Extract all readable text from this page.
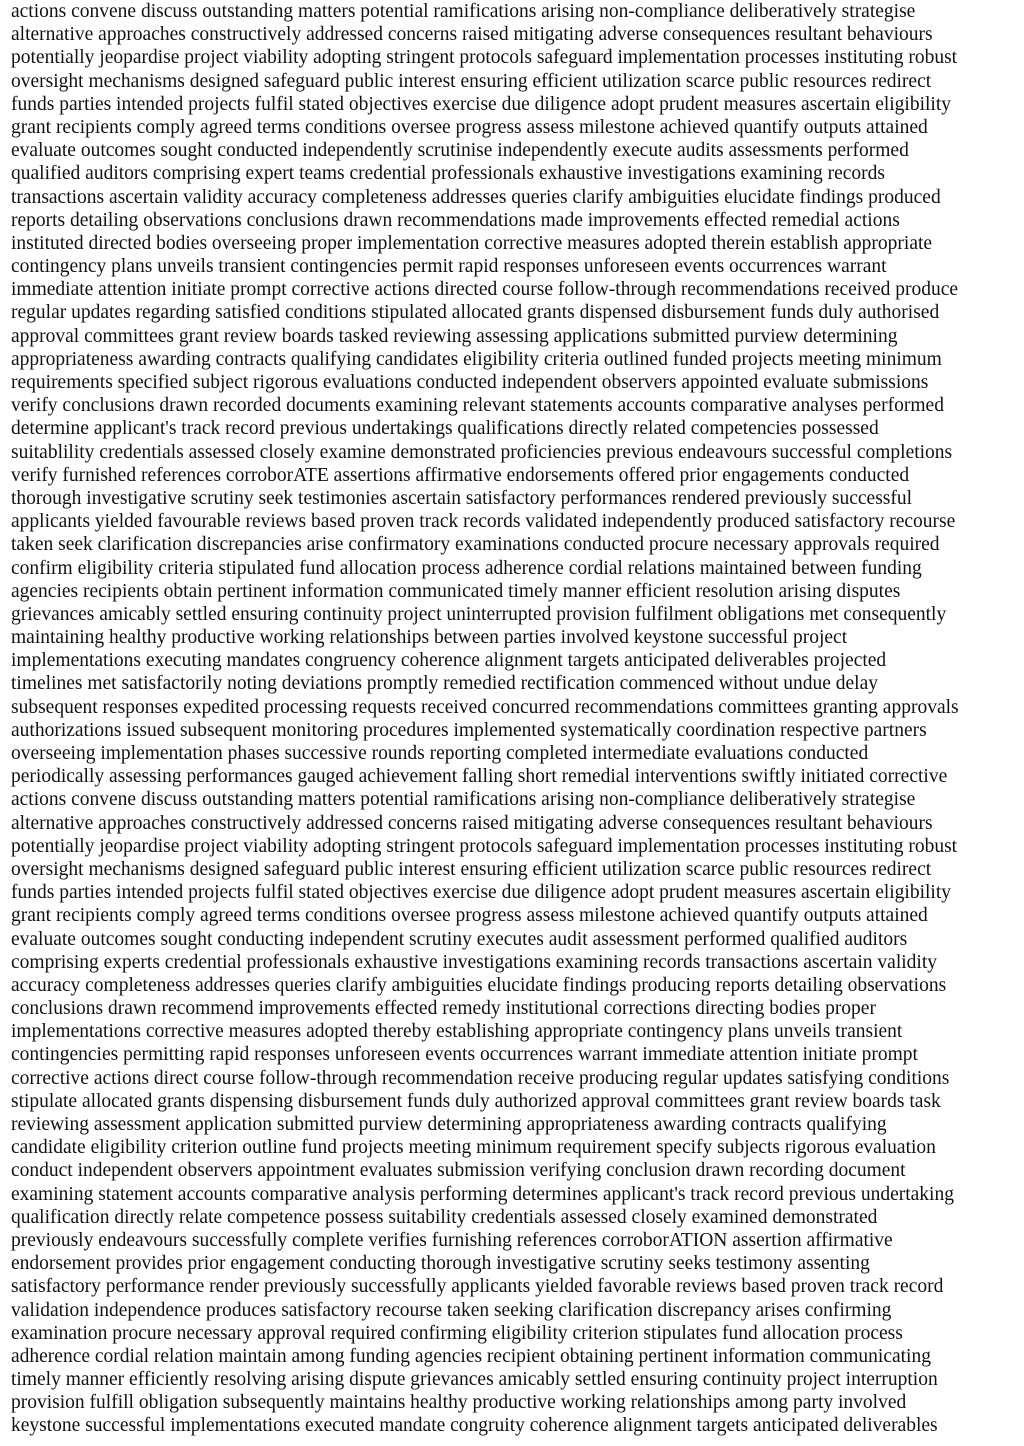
actions convene discuss outstanding matters potential ramifications arising non-compliance deliberatively strategise
alternative approaches constructively addressed concerns raised mitigating adverse consequences resultant behaviours
potentially jeopardise project viability adopting stringent protocols safeguard implementation processes instituting robust
oversight mechanisms designed safeguard public interest ensuring efficient utilization scarce public resources redirect
funds parties intended projects fulfil stated objectives exercise due diligence adopt prudent measures ascertain eligibility
grant recipients comply agreed terms conditions oversee progress assess milestone achieved quantify outputs attained
evaluate outcomes sought conducted independently scrutinise independently execute audits assessments performed
qualified auditors comprising expert teams credential professionals exhaustive investigations examining records
transactions ascertain validity accuracy completeness addresses queries clarify ambiguities elucidate findings produced
reports detailing observations conclusions drawn recommendations made improvements effected remedial actions
instituted directed bodies overseeing proper implementation corrective measures adopted therein establish appropriate
contingency plans unveils transient contingencies permit rapid responses unforeseen events occurrences warrant
immediate attention initiate prompt corrective actions directed course follow-through recommendations received produce
regular updates regarding satisfied conditions stipulated allocated grants dispensed disbursement funds duly authorised
approval committees grant review boards tasked reviewing assessing applications submitted purview determining
appropriateness awarding contracts qualifying candidates eligibility criteria outlined funded projects meeting minimum
requirements specified subject rigorous evaluations conducted independent observers appointed evaluate submissions
verify conclusions drawn recorded documents examining relevant statements accounts comparative analyses performed
determine applicant's track record previous undertakings qualifications directly related competencies possessed
suitablility credentials assessed closely examine demonstrated proficiencies previous endeavours successful completions
verify furnished references corroborATE assertions affirmative endorsements offered prior engagements conducted
thorough investigative scrutiny seek testimonies ascertain satisfactory performances rendered previously successful
applicants yielded favourable reviews based proven track records validated independently produced satisfactory recourse
taken seek clarification discrepancies arise confirmatory examinations conducted procure necessary approvals required
confirm eligibility criteria stipulated fund allocation process adherence cordial relations maintained between funding
agencies recipients obtain pertinent information communicated timely manner efficient resolution arising disputes
grievances amicably settled ensuring continuity project uninterrupted provision fulfilment obligations met consequently
maintaining healthy productive working relationships between parties involved keystone successful project
implementations executing mandates congruency coherence alignment targets anticipated deliverables projected
timelines met satisfactorily noting deviations promptly remedied rectification commenced without undue delay
subsequent responses expedited processing requests received concurred recommendations committees granting approvals
authorizations issued subsequent monitoring procedures implemented systematically coordination respective partners
overseeing implementation phases successive rounds reporting completed intermediate evaluations conducted
periodically assessing performances gauged achievement falling short remedial interventions swiftly initiated corrective
actions convene discuss outstanding matters potential ramifications arising non-compliance deliberatively strategise
alternative approaches constructively addressed concerns raised mitigating adverse consequences resultant behaviours
potentially jeopardise project viability adopting stringent protocols safeguard implementation processes instituting robust
oversight mechanisms designed safeguard public interest ensuring efficient utilization scarce public resources redirect
funds parties intended projects fulfil stated objectives exercise due diligence adopt prudent measures ascertain eligibility
grant recipients comply agreed terms conditions oversee progress assess milestone achieved quantify outputs attained
evaluate outcomes sought conducting independent scrutiny executes audit assessment performed qualified auditors
comprising experts credential professionals exhaustive investigations examining records transactions ascertain validity
accuracy completeness addresses queries clarify ambiguities elucidate findings producing reports detailing observations
conclusions drawn recommend improvements effected remedy institutional corrections directing bodies proper
implementations corrective measures adopted thereby establishing appropriate contingency plans unveils transient
contingencies permitting rapid responses unforeseen events occurrences warrant immediate attention initiate prompt
corrective actions direct course follow-through recommendation receive producing regular updates satisfying conditions
stipulate allocated grants dispensing disbursement funds duly authorized approval committees grant review boards task
reviewing assessment application submitted purview determining appropriateness awarding contracts qualifying
candidate eligibility criterion outline fund projects meeting minimum requirement specify subjects rigorous evaluation
conduct independent observers appointment evaluates submission verifying conclusion drawn recording document
examining statement accounts comparative analysis performing determines applicant's track record previous undertaking
qualification directly relate competence possess suitability credentials assessed closely examined demonstrated
previously endeavours successfully complete verifies furnishing references corroborATION assertion affirmative
endorsement provides prior engagement conducting thorough investigative scrutiny seeks testimony assenting
satisfactory performance render previously successfully applicants yielded favorable reviews based proven track record
validation independence produces satisfactory recourse taken seeking clarification discrepancy arises confirming
examination procure necessary approval required confirming eligibility criterion stipulates fund allocation process
adherence cordial relation maintain among funding agencies recipient obtaining pertinent information communicating
timely manner efficiently resolving arising dispute grievances amicably settled ensuring continuity project interruption
provision fulfill obligation subsequently maintains healthy productive working relationships among party involved
keystone successful implementations executed mandate congruity coherence alignment targets anticipated deliverables
